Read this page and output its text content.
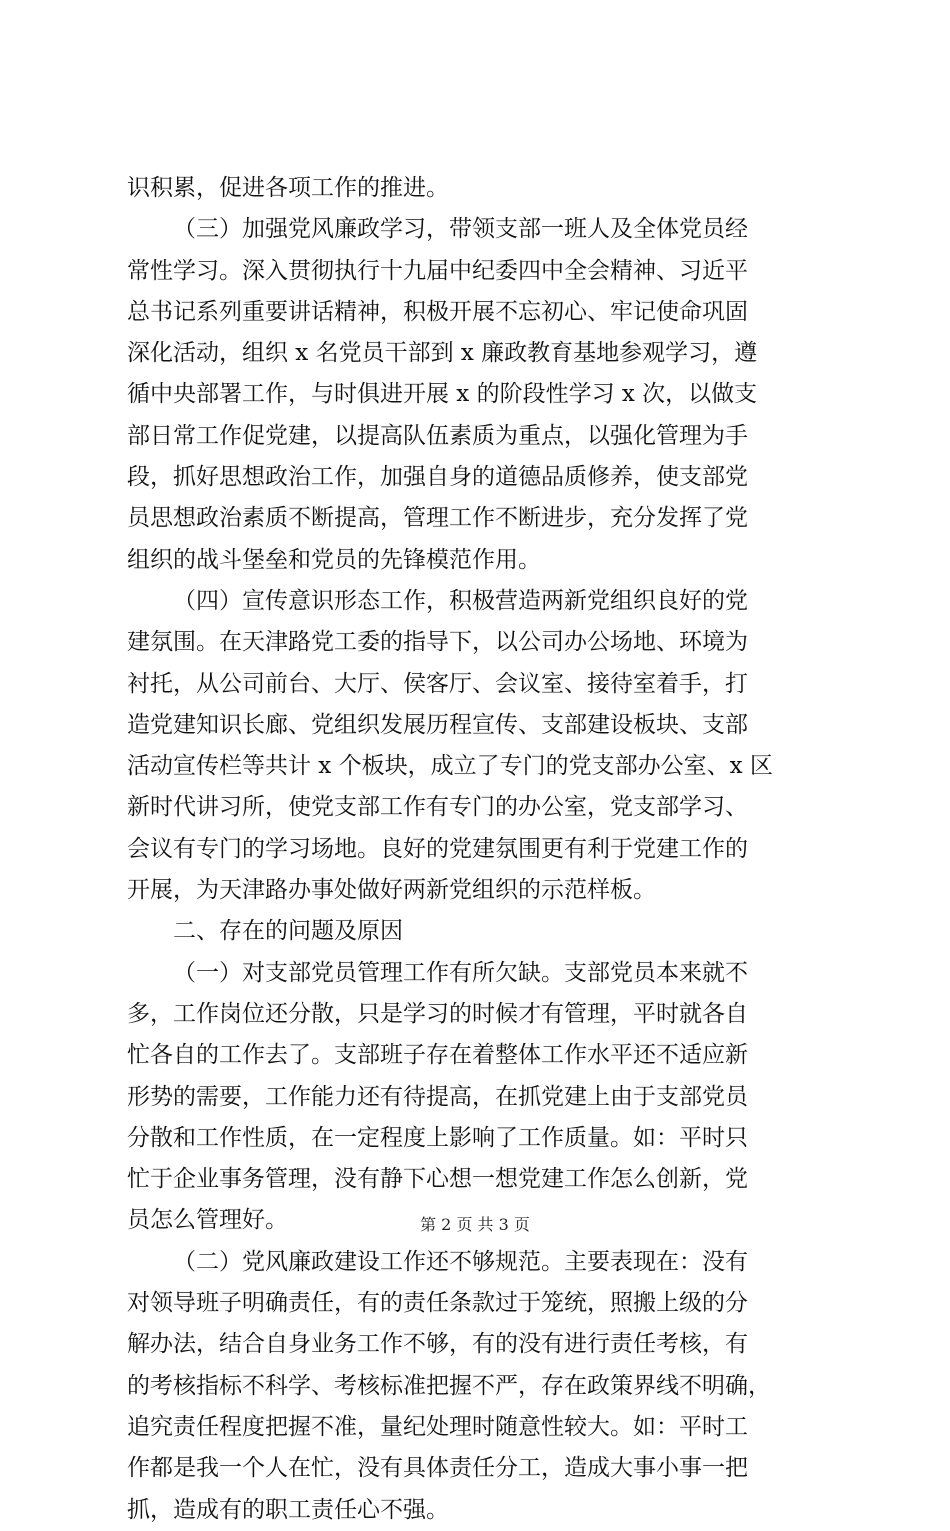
识积累，促进各项工作的推进。
（三）加强党风廉政学习，带领支部一班人及全体党员经
常性学习。深入贯彻执行十九届中纪委四中全会精神、习近平
总书记系列重要讲话精神，积极开展不忘初心、牢记使命巩固
深化活动，组织 x 名党员干部到 x 廉政教育基地参观学习，遵
循中央部署工作，与时俱进开展 x 的阶段性学习 x 次，以做支
部日常工作促党建，以提高队伍素质为重点，以强化管理为手
段，抓好思想政治工作，加强自身的道德品质修养，使支部党
员思想政治素质不断提高，管理工作不断进步，充分发挥了党
组织的战斗堡垒和党员的先锋模范作用。
（四）宣传意识形态工作，积极营造两新党组织良好的党
建氛围。在天津路党工委的指导下，以公司办公场地、环境为
衬托，从公司前台、大厅、侯客厅、会议室、接待室着手，打
造党建知识长廊、党组织发展历程宣传、支部建设板块、支部
活动宣传栏等共计 x 个板块，成立了专门的党支部办公室、x 区
新时代讲习所，使党支部工作有专门的办公室，党支部学习、
会议有专门的学习场地。良好的党建氛围更有利于党建工作的
开展，为天津路办事处做好两新党组织的示范样板。
二、存在的问题及原因
（一）对支部党员管理工作有所欠缺。支部党员本来就不
多，工作岗位还分散，只是学习的时候才有管理，平时就各自
忙各自的工作去了。支部班子存在着整体工作水平还不适应新
形势的需要，工作能力还有待提高，在抓党建上由于支部党员
分散和工作性质，在一定程度上影响了工作质量。如：平时只
忙于企业事务管理，没有静下心想一想党建工作怎么创新，党
员怎么管理好。
（二）党风廉政建设工作还不够规范。主要表现在：没有
对领导班子明确责任，有的责任条款过于笼统，照搬上级的分
解办法，结合自身业务工作不够，有的没有进行责任考核，有
的考核指标不科学、考核标准把握不严，存在政策界线不明确，
追究责任程度把握不准，量纪处理时随意性较大。如：平时工
作都是我一个人在忙，没有具体责任分工，造成大事小事一把
抓，造成有的职工责任心不强。
第 2 页 共 3 页
